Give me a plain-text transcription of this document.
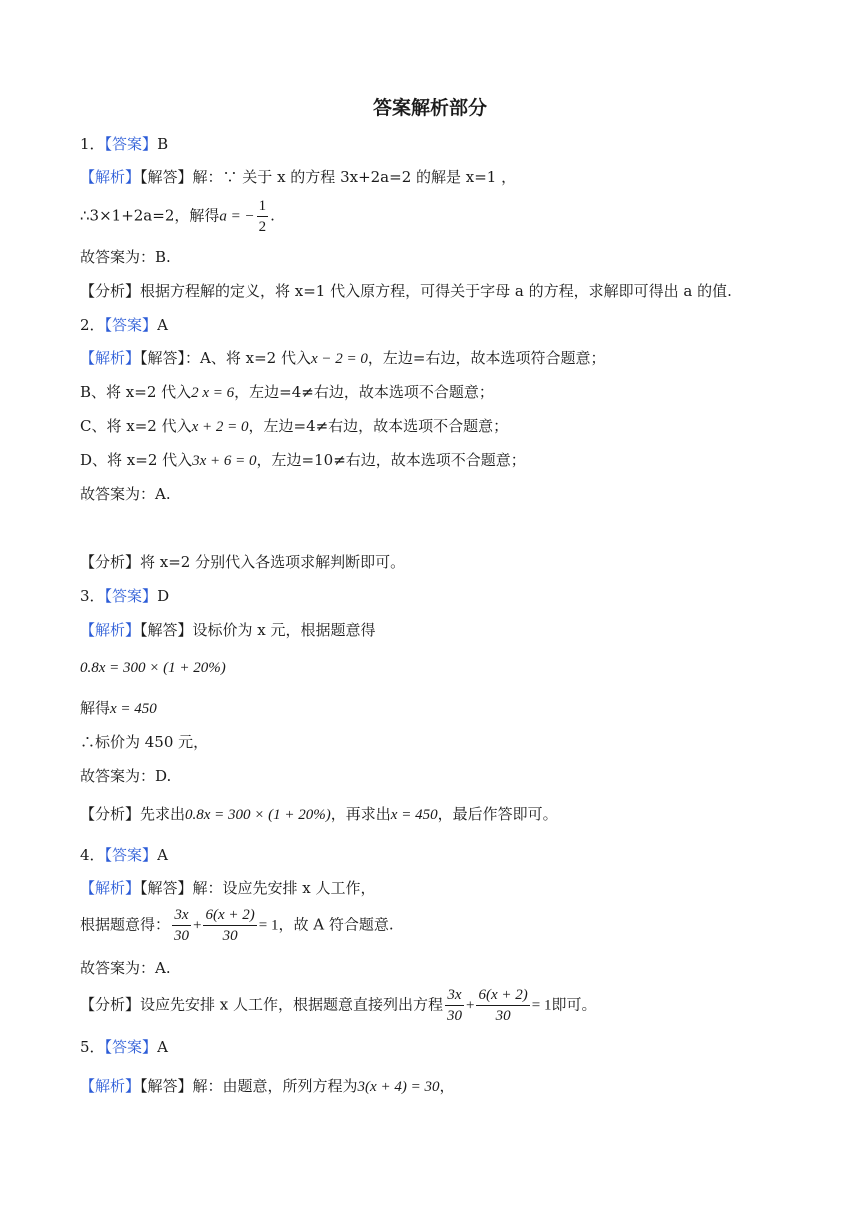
答案解析部分
1．【答案】B
【解析】【解答】解：∵ 关于 x 的方程 3x+2a=2 的解是 x=1 ，
∴3×1+2a=2，解得a = − $\frac{1}{2}$ .
故答案为：B.
【分析】根据方程解的定义，将 x=1 代入原方程，可得关于字母 a 的方程，求解即可得出 a 的值.
2．【答案】A
【解析】【解答】：A、将 x=2 代入x − 2 = 0，左边=右边，故本选项符合题意；
B、将 x=2 代入2 x = 6，左边=4≠右边，故本选项不合题意；
C、将 x=2 代入x + 2 = 0，左边=4≠右边，故本选项不合题意；
D、将 x=2 代入3x + 6 = 0，左边=10≠右边，故本选项不合题意；
故答案为：A.
【分析】将 x=2 分别代入各选项求解判断即可。
3．【答案】D
【解析】【解答】设标价为 x 元，根据题意得
0.8x = 300 × (1 + 20%)
解得x = 450
∴标价为 450 元，
故答案为：D.
【分析】先求出0.8x = 300 × (1 + 20%)，再求出x = 450，最后作答即可。
4．【答案】A
【解析】【解答】解：设应先安排 x 人工作，
根据题意得： $\frac{3x}{30} + \frac{6(x + 2)}{30} = 1$，故 A 符合题意.
故答案为：A.
【分析】设应先安排 x 人工作，根据题意直接列出方程 $\frac{3x}{30} + \frac{6(x + 2)}{30} = 1$即可。
5．【答案】A
【解析】【解答】解：由题意，所列方程为3(x + 4) = 30，
